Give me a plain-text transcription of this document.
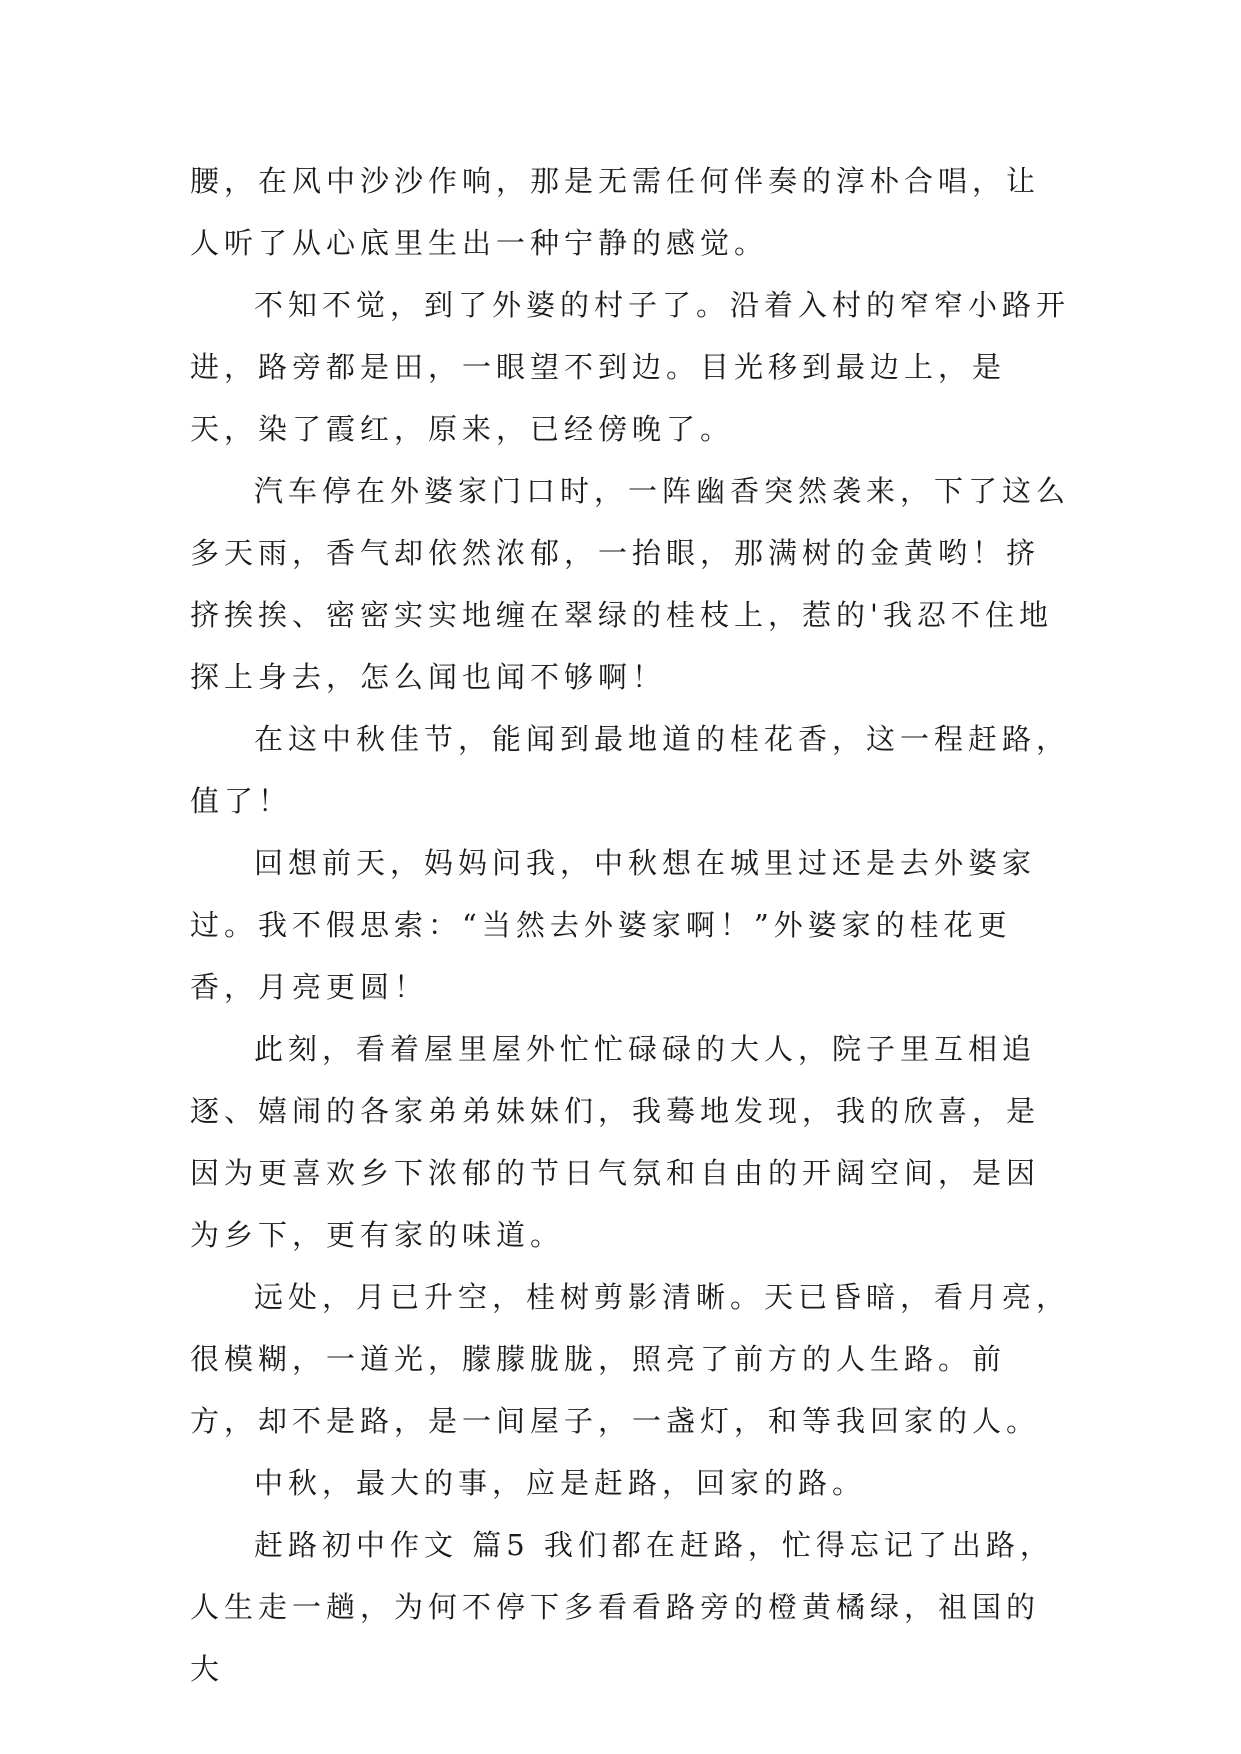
腰，在风中沙沙作响，那是无需任何伴奏的淳朴合唱，让人听了从心底里生出一种宁静的感觉。

不知不觉，到了外婆的村子了。沿着入村的窄窄小路开进，路旁都是田，一眼望不到边。目光移到最边上，是天，染了霞红，原来，已经傍晚了。

汽车停在外婆家门口时，一阵幽香突然袭来，下了这么多天雨，香气却依然浓郁，一抬眼，那满树的金黄哟！挤挤挨挨、密密实实地缠在翠绿的桂枝上，惹的'我忍不住地探上身去，怎么闻也闻不够啊！

在这中秋佳节，能闻到最地道的桂花香，这一程赶路，值了！

回想前天，妈妈问我，中秋想在城里过还是去外婆家过。我不假思索：“当然去外婆家啊！”外婆家的桂花更香，月亮更圆！

此刻，看着屋里屋外忙忙碌碌的大人，院子里互相追逐、嬉闹的各家弟弟妹妹们，我蓦地发现，我的欣喜，是因为更喜欢乡下浓郁的节日气氛和自由的开阔空间，是因为乡下，更有家的味道。

远处，月已升空，桂树剪影清晰。天已昏暗，看月亮，很模糊，一道光，朦朦胧胧，照亮了前方的人生路。前方，却不是路，是一间屋子，一盏灯，和等我回家的人。

中秋，最大的事，应是赶路，回家的路。

赶路初中作文 篇5 我们都在赶路，忙得忘记了出路，人生走一趟，为何不停下多看看路旁的橙黄橘绿，祖国的大
